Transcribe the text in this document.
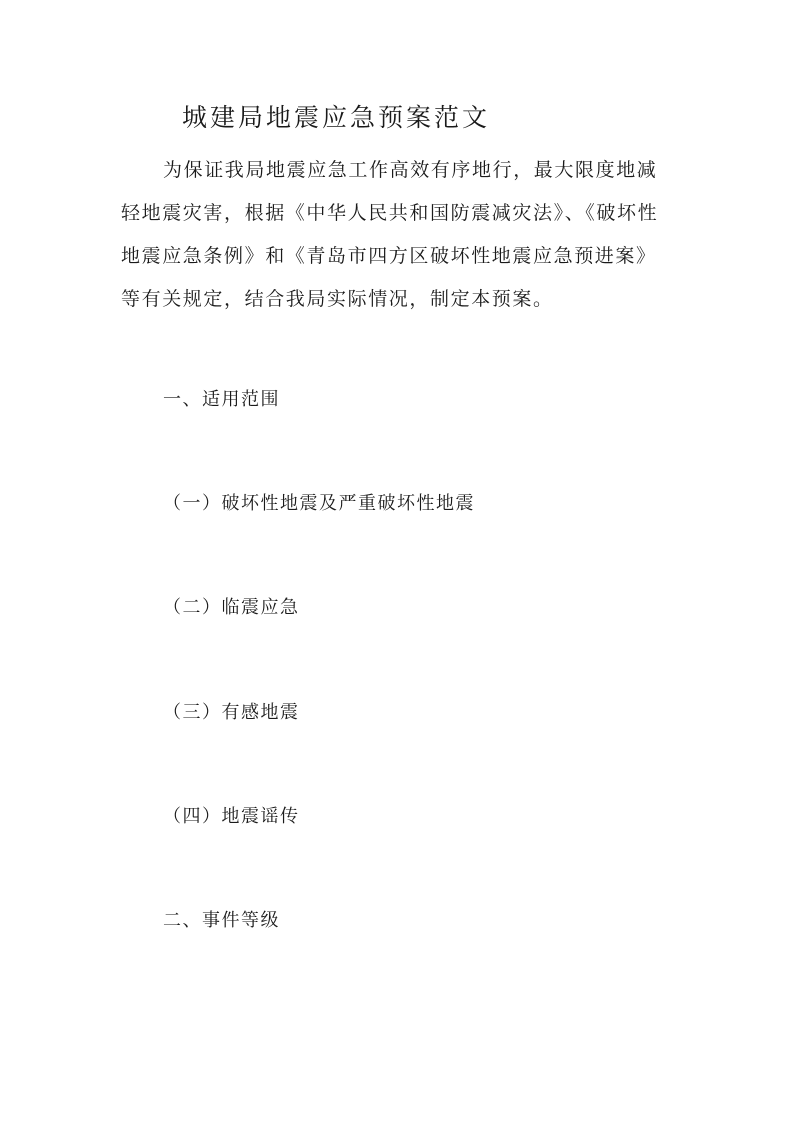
城建局地震应急预案范文
为保证我局地震应急工作高效有序地行，最大限度地减
轻地震灾害，根据《中华人民共和国防震减灾法》、《破坏性
地震应急条例》和《青岛市四方区破坏性地震应急预进案》
等有关规定，结合我局实际情况，制定本预案。
一、适用范围
（一）破坏性地震及严重破坏性地震
（二）临震应急
（三）有感地震
（四）地震谣传
二、事件等级
